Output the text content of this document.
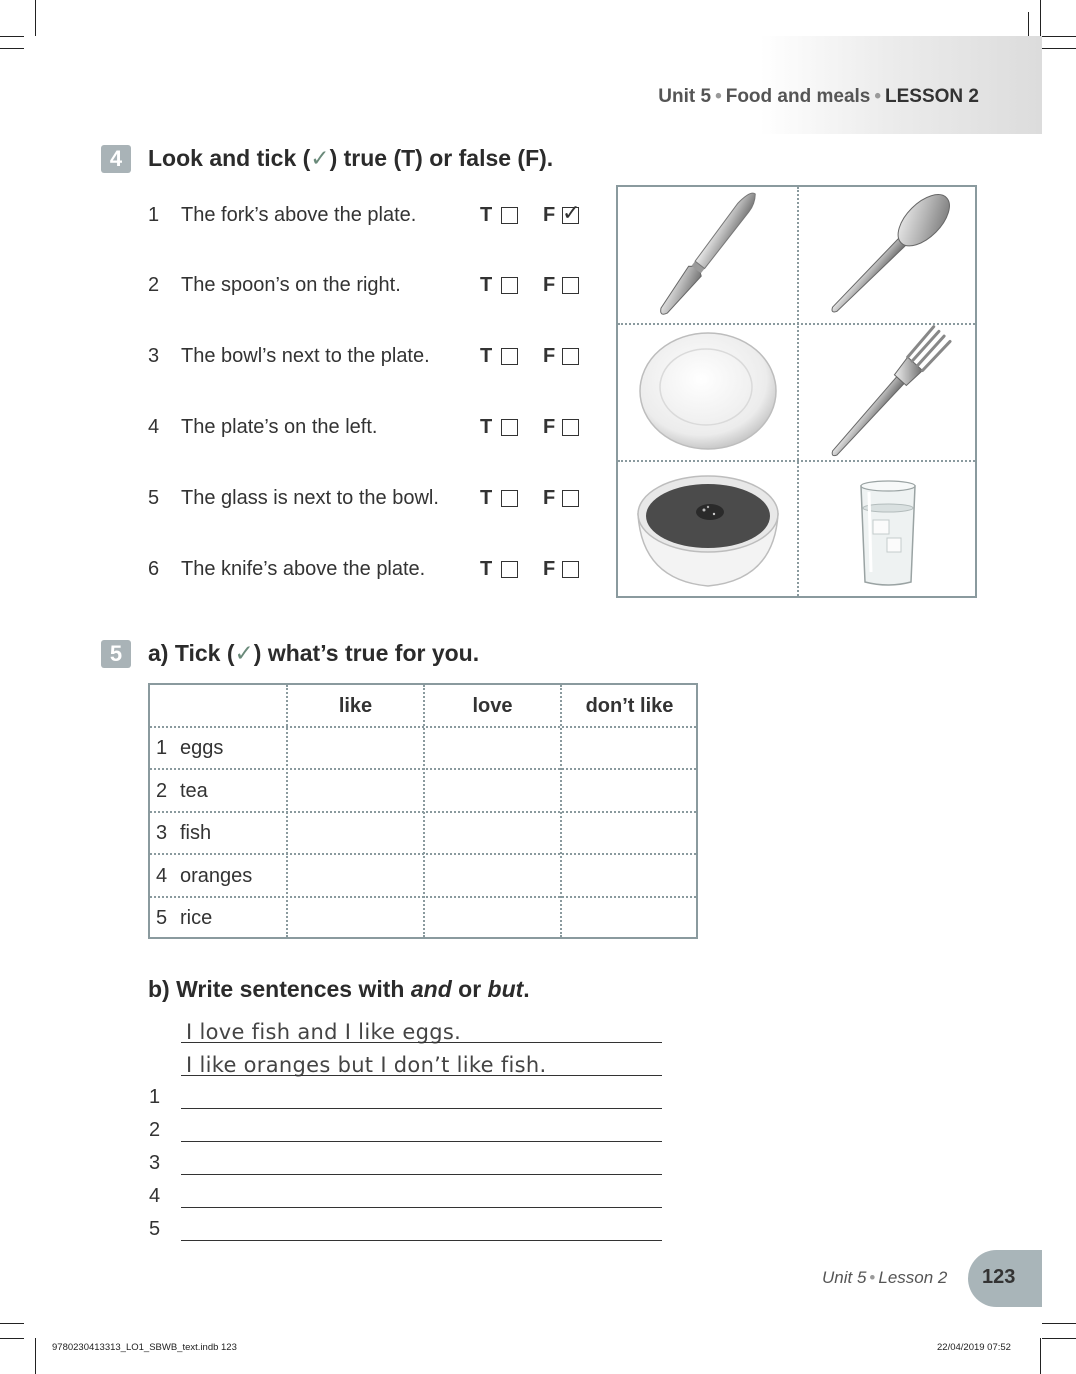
Unit 5 • Food and meals • LESSON 2
4	Look and tick (✓) true (T) or false (F).
1 The fork’s above the plate.	T	F ✓
2 The spoon’s on the right.	T	F
3 The bowl’s next to the plate.	T	F
4 The plate’s on the left.	T	F
5 The glass is next to the bowl. T	F
6 The knife’s above the plate.	T	F
5	a) Tick (✓) what’s true for you.
like	love	don’t like
1 eggs
2 tea
3 fish
4 oranges
5 rice
b) Write sentences with and or but.
I love fish and I like eggs.
I like oranges but I don’t like fish.
1
2
3
4
5
Unit 5 • Lesson 2 123
9780230413313_LO1_SBWB_text.indb 123	22/04/2019 07:52
